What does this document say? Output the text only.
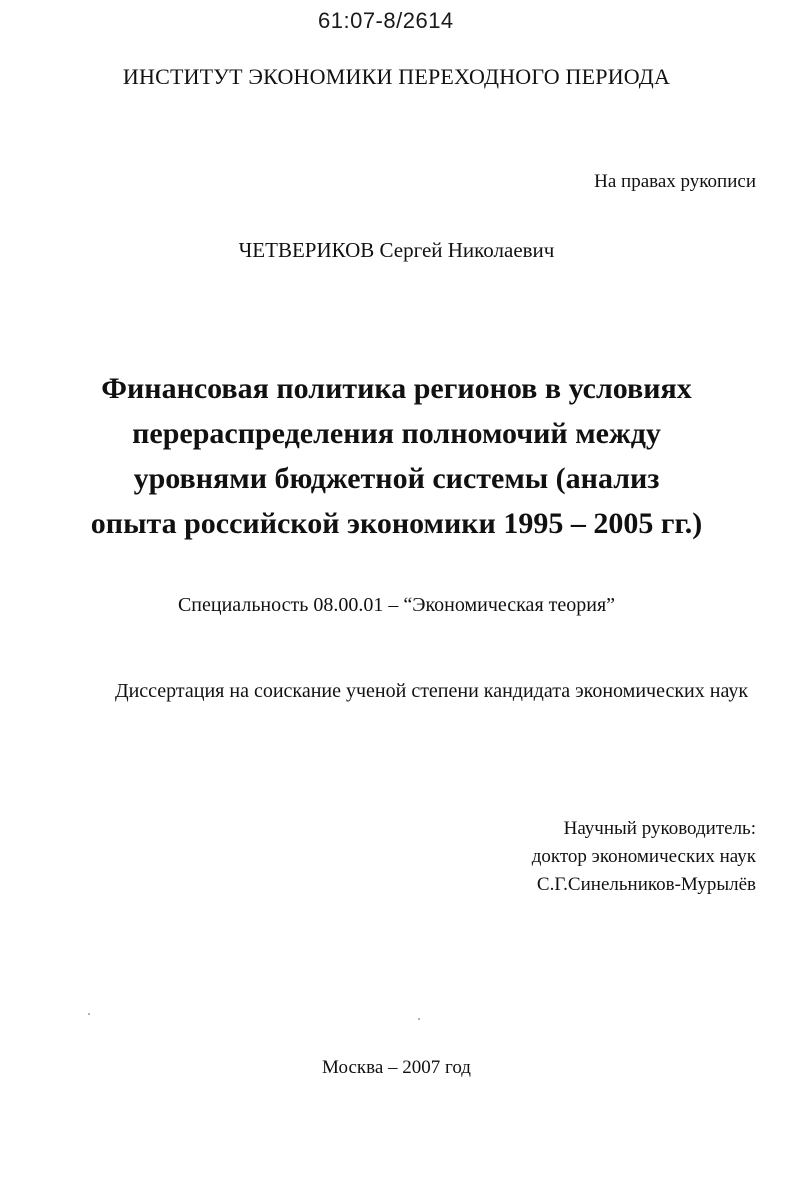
61:07-8/2614
ИНСТИТУТ ЭКОНОМИКИ ПЕРЕХОДНОГО ПЕРИОДА
На правах рукописи
ЧЕТВЕРИКОВ Сергей Николаевич
Финансовая политика регионов в условиях перераспределения полномочий между уровнями бюджетной системы (анализ опыта российской экономики 1995 – 2005 гг.)
Специальность 08.00.01 – “Экономическая теория”
Диссертация на соискание ученой степени кандидата экономических наук
Научный руководитель:
доктор экономических наук
С.Г.Синельников-Мурылёв
Москва – 2007 год
